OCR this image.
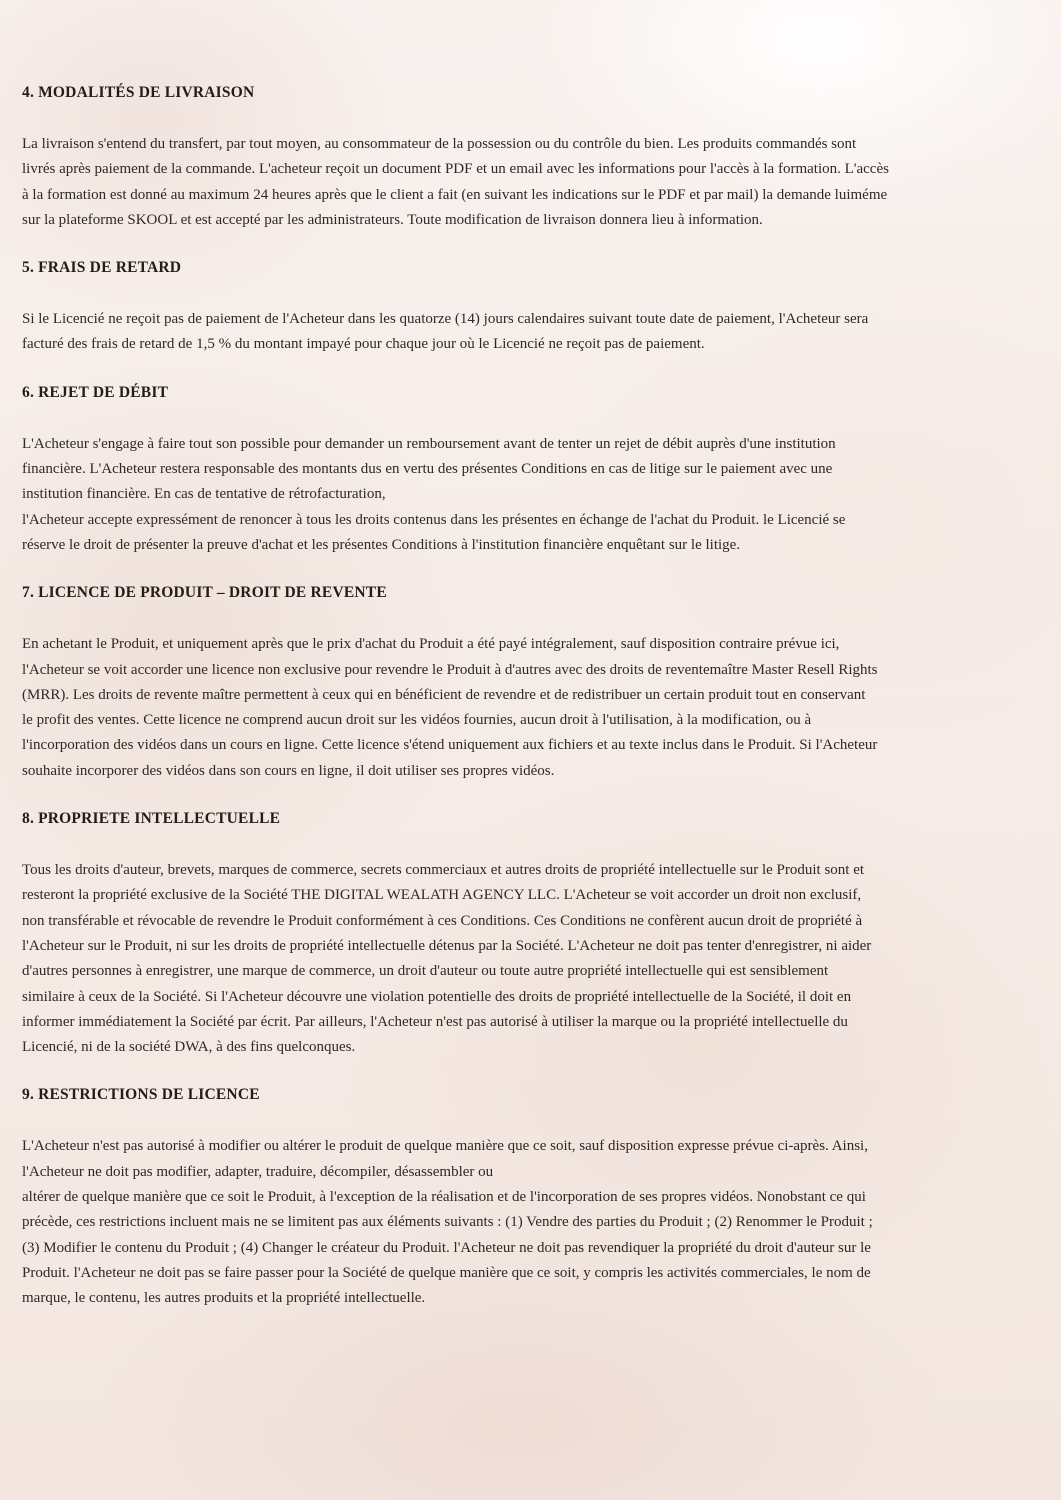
4. MODALITÉS DE LIVRAISON

La livraison s'entend du transfert, par tout moyen, au consommateur de la possession ou du contrôle du bien. Les produits commandés sont
livrés après paiement de la commande. L'acheteur reçoit un document PDF et un email avec les informations pour l'accès à la formation. L'accès
à la formation est donné au maximum 24 heures après que le client a fait (en suivant les indications sur le PDF et par mail) la demande luiméme
sur la plateforme SKOOL et est accepté par les administrateurs. Toute modification de livraison donnera lieu à information.

5. FRAIS DE RETARD

Si le Licencié ne reçoit pas de paiement de l'Acheteur dans les quatorze (14) jours calendaires suivant toute date de paiement, l'Acheteur sera
facturé des frais de retard de 1,5 % du montant impayé pour chaque jour où le Licencié ne reçoit pas de paiement.

6. REJET DE DÉBIT

L'Acheteur s'engage à faire tout son possible pour demander un remboursement avant de tenter un rejet de débit auprès d'une institution
financière. L'Acheteur restera responsable des montants dus en vertu des présentes Conditions en cas de litige sur le paiement avec une
institution financière. En cas de tentative de rétrofacturation,
l'Acheteur accepte expressément de renoncer à tous les droits contenus dans les présentes en échange de l'achat du Produit. le Licencié se
réserve le droit de présenter la preuve d'achat et les présentes Conditions à l'institution financière enquêtant sur le litige.

7. LICENCE DE PRODUIT – DROIT DE REVENTE

En achetant le Produit, et uniquement après que le prix d'achat du Produit a été payé intégralement, sauf disposition contraire prévue ici,
l'Acheteur se voit accorder une licence non exclusive pour revendre le Produit à d'autres avec des droits de reventemaître Master Resell Rights
(MRR). Les droits de revente maître permettent à ceux qui en bénéficient de revendre et de redistribuer un certain produit tout en conservant
le profit des ventes. Cette licence ne comprend aucun droit sur les vidéos fournies, aucun droit à l'utilisation, à la modification, ou à
l'incorporation des vidéos dans un cours en ligne. Cette licence s'étend uniquement aux fichiers et au texte inclus dans le Produit. Si l'Acheteur
souhaite incorporer des vidéos dans son cours en ligne, il doit utiliser ses propres vidéos.

8. PROPRIETE INTELLECTUELLE

Tous les droits d'auteur, brevets, marques de commerce, secrets commerciaux et autres droits de propriété intellectuelle sur le Produit sont et
resteront la propriété exclusive de la Société THE DIGITAL WEALATH AGENCY LLC. L'Acheteur se voit accorder un droit non exclusif,
non transférable et révocable de revendre le Produit conformément à ces Conditions. Ces Conditions ne confèrent aucun droit de propriété à
l'Acheteur sur le Produit, ni sur les droits de propriété intellectuelle détenus par la Société. L'Acheteur ne doit pas tenter d'enregistrer, ni aider
d'autres personnes à enregistrer, une marque de commerce, un droit d'auteur ou toute autre propriété intellectuelle qui est sensiblement
similaire à ceux de la Société. Si l'Acheteur découvre une violation potentielle des droits de propriété intellectuelle de la Société, il doit en
informer immédiatement la Société par écrit. Par ailleurs, l'Acheteur n'est pas autorisé à utiliser la marque ou la propriété intellectuelle du
Licencié, ni de la société DWA, à des fins quelconques.

9. RESTRICTIONS DE LICENCE

L'Acheteur n'est pas autorisé à modifier ou altérer le produit de quelque manière que ce soit, sauf disposition expresse prévue ci-après. Ainsi,
l'Acheteur ne doit pas modifier, adapter, traduire, décompiler, désassembler ou
altérer de quelque manière que ce soit le Produit, à l'exception de la réalisation et de l'incorporation de ses propres vidéos. Nonobstant ce qui
précède, ces restrictions incluent mais ne se limitent pas aux éléments suivants : (1) Vendre des parties du Produit ; (2) Renommer le Produit ;
(3) Modifier le contenu du Produit ; (4) Changer le créateur du Produit. l'Acheteur ne doit pas revendiquer la propriété du droit d'auteur sur le
Produit. l'Acheteur ne doit pas se faire passer pour la Société de quelque manière que ce soit, y compris les activités commerciales, le nom de
marque, le contenu, les autres produits et la propriété intellectuelle.
